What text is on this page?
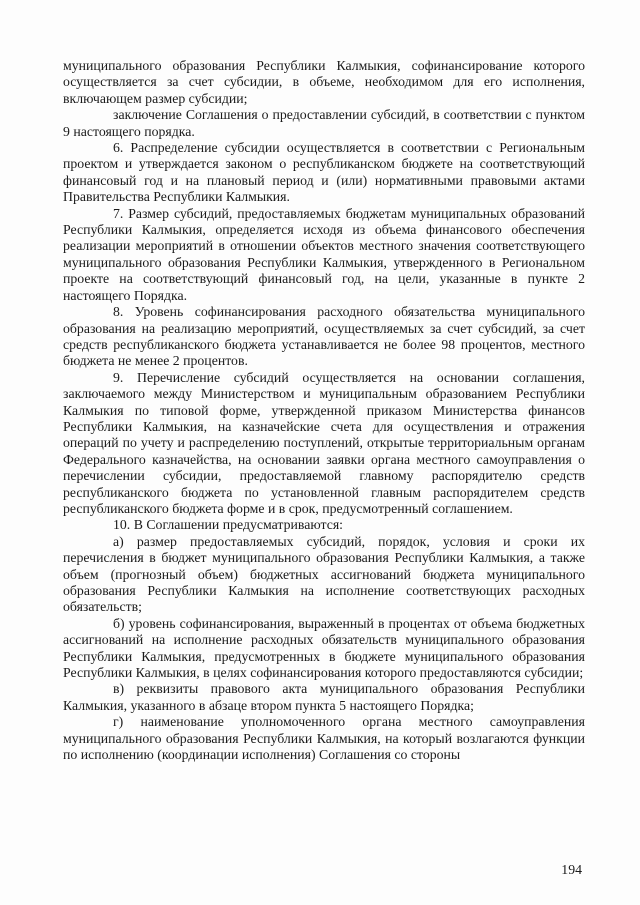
муниципального образования Республики Калмыкия, софинансирование которого осуществляется за счет субсидии, в объеме, необходимом для его исполнения, включающем размер субсидии;

заключение Соглашения о предоставлении субсидий, в соответствии с пунктом 9 настоящего порядка.

6. Распределение субсидии осуществляется в соответствии с Региональным проектом и утверждается законом о республиканском бюджете на соответствующий финансовый год и на плановый период и (или) нормативными правовыми актами Правительства Республики Калмыкия.

7. Размер субсидий, предоставляемых бюджетам муниципальных образований Республики Калмыкия, определяется исходя из объема финансового обеспечения реализации мероприятий в отношении объектов местного значения соответствующего муниципального образования Республики Калмыкия, утвержденного в Региональном проекте на соответствующий финансовый год, на цели, указанные в пункте 2 настоящего Порядка.

8. Уровень софинансирования расходного обязательства муниципального образования на реализацию мероприятий, осуществляемых за счет субсидий, за счет средств республиканского бюджета устанавливается не более 98 процентов, местного бюджета не менее 2 процентов.

9. Перечисление субсидий осуществляется на основании соглашения, заключаемого между Министерством и муниципальным образованием Республики Калмыкия по типовой форме, утвержденной приказом Министерства финансов Республики Калмыкия, на казначейские счета для осуществления и отражения операций по учету и распределению поступлений, открытые территориальным органам Федерального казначейства, на основании заявки органа местного самоуправления о перечислении субсидии, предоставляемой главному распорядителю средств республиканского бюджета по установленной главным распорядителем средств республиканского бюджета форме и в срок, предусмотренный соглашением.

10. В Соглашении предусматриваются:

а) размер предоставляемых субсидий, порядок, условия и сроки их перечисления в бюджет муниципального образования Республики Калмыкия, а также объем (прогнозный объем) бюджетных ассигнований бюджета муниципального образования Республики Калмыкия на исполнение соответствующих расходных обязательств;

б) уровень софинансирования, выраженный в процентах от объема бюджетных ассигнований на исполнение расходных обязательств муниципального образования Республики Калмыкия, предусмотренных в бюджете муниципального образования Республики Калмыкия, в целях софинансирования которого предоставляются субсидии;

в) реквизиты правового акта муниципального образования Республики Калмыкия, указанного в абзаце втором пункта 5 настоящего Порядка;

г) наименование уполномоченного органа местного самоуправления муниципального образования Республики Калмыкия, на который возлагаются функции по исполнению (координации исполнения) Соглашения со стороны

194
